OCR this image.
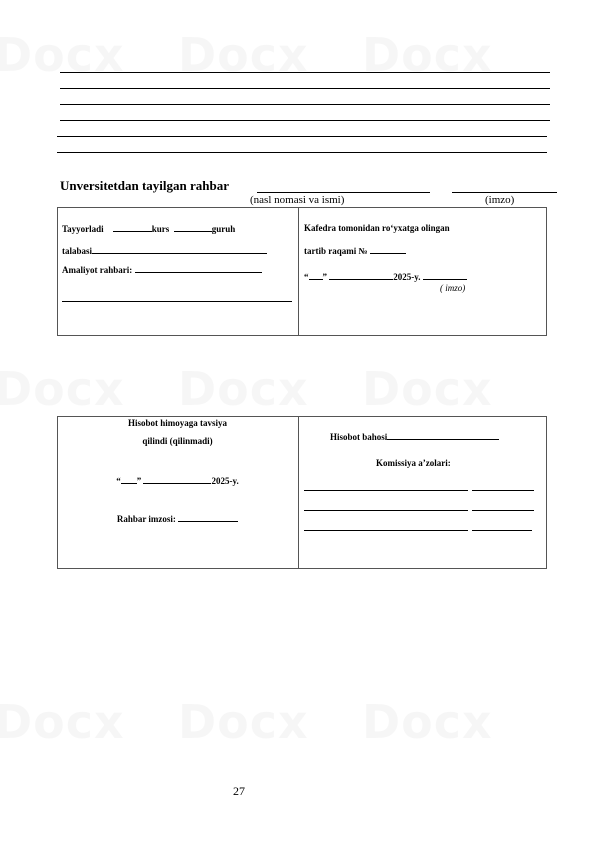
Unversitetdan tayilgan rahbar
(nasl nomasi va ismi)	(imzo)
Tayyorladi	kurs	guruh
talabasi
Amaliyot rahbari:
Kafedra tomonidan ro‘yxatga olingan
tartib raqami №
“ ”	2025-y.
( imzo)
Hisobot himoyaga tavsiya
qilindi (qilinmadi)
“ ”	2025-y.
Rahbar imzosi:
Hisobot bahosi
Komissiya a’zolari:
27
